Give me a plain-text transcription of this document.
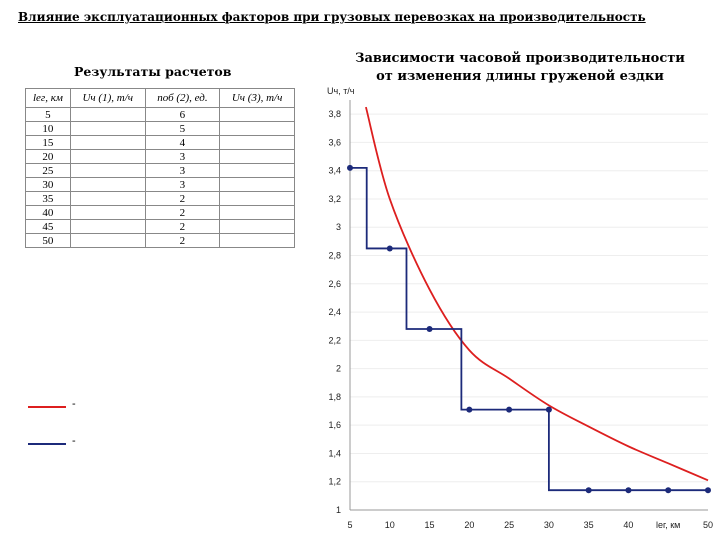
Влияние эксплуатационных факторов при грузовых перевозках на производительность
Результаты расчетов
Зависимости часовой производительности
от изменения длины груженой ездки
lег, км	Uч (1), т/ч	nоб (2), ед.	Uч (3), т/ч
5		6	
10		5	
15		4	
20		3	
25		3	
30		3	
35		2	
40		2	
45		2	
50		2	
-
-
1
1,2
1,4
1,6
1,8
2
2,2
2,4
2,6
2,8
3
3,2
3,4
3,6
3,8
5	10	15	20	25	30	35	40	50
Uч, т/ч
lег, км
